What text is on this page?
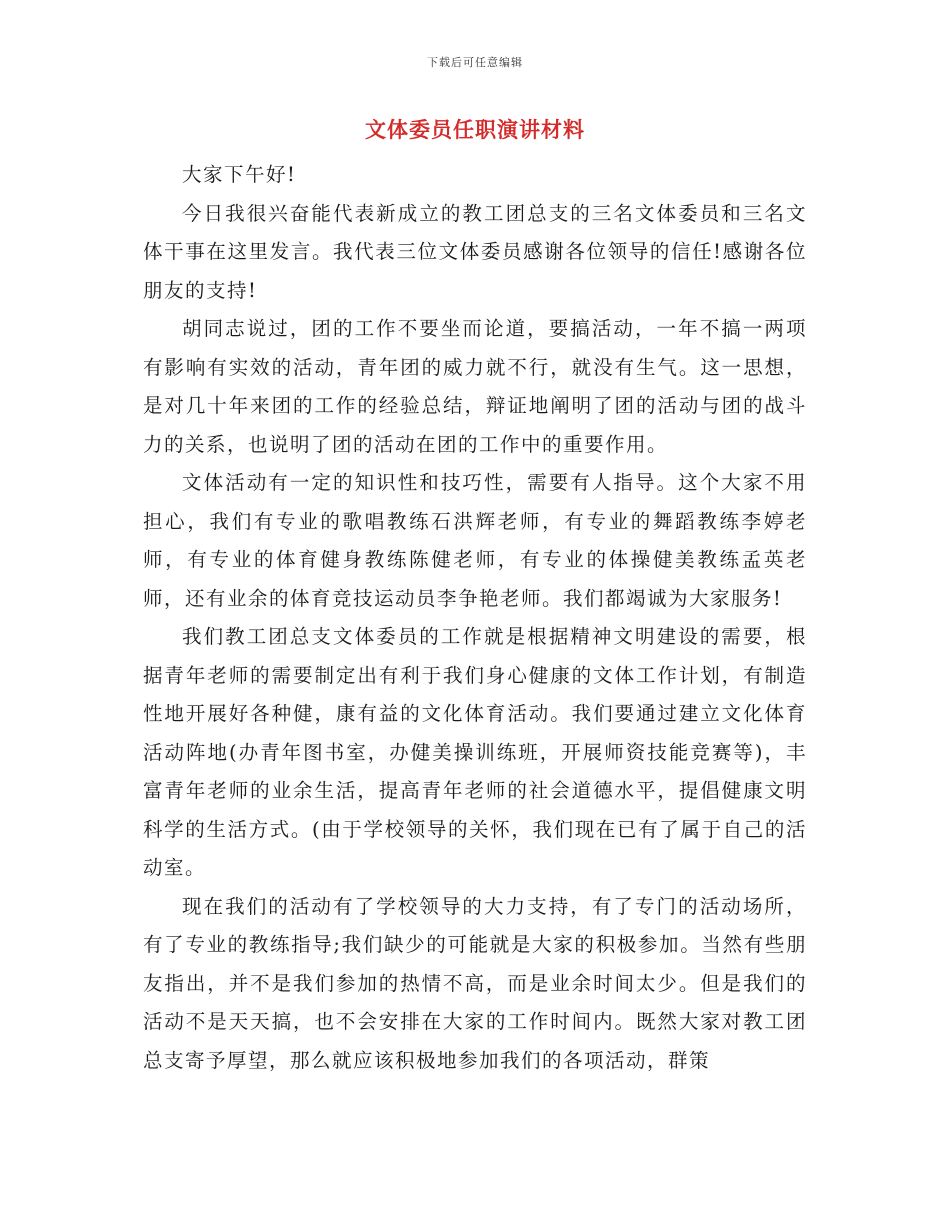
下载后可任意编辑
文体委员任职演讲材料

大家下午好!

今日我很兴奋能代表新成立的教工团总支的三名文体委员和三名文体干事在这里发言。我代表三位文体委员感谢各位领导的信任!感谢各位朋友的支持!

胡同志说过，团的工作不要坐而论道，要搞活动，一年不搞一两项有影响有实效的活动，青年团的威力就不行，就没有生气。这一思想，是对几十年来团的工作的经验总结，辩证地阐明了团的活动与团的战斗力的关系，也说明了团的活动在团的工作中的重要作用。

文体活动有一定的知识性和技巧性，需要有人指导。这个大家不用担心，我们有专业的歌唱教练石洪辉老师，有专业的舞蹈教练李婷老师，有专业的体育健身教练陈健老师，有专业的体操健美教练孟英老师，还有业余的体育竞技运动员李争艳老师。我们都竭诚为大家服务!

我们教工团总支文体委员的工作就是根据精神文明建设的需要，根据青年老师的需要制定出有利于我们身心健康的文体工作计划，有制造性地开展好各种健，康有益的文化体育活动。我们要通过建立文化体育活动阵地(办青年图书室，办健美操训练班，开展师资技能竞赛等)，丰富青年老师的业余生活，提高青年老师的社会道德水平，提倡健康文明科学的生活方式。(由于学校领导的关怀，我们现在已有了属于自己的活动室。

现在我们的活动有了学校领导的大力支持，有了专门的活动场所，有了专业的教练指导;我们缺少的可能就是大家的积极参加。当然有些朋友指出，并不是我们参加的热情不高，而是业余时间太少。但是我们的活动不是天天搞，也不会安排在大家的工作时间内。既然大家对教工团总支寄予厚望，那么就应该积极地参加我们的各项活动，群策
